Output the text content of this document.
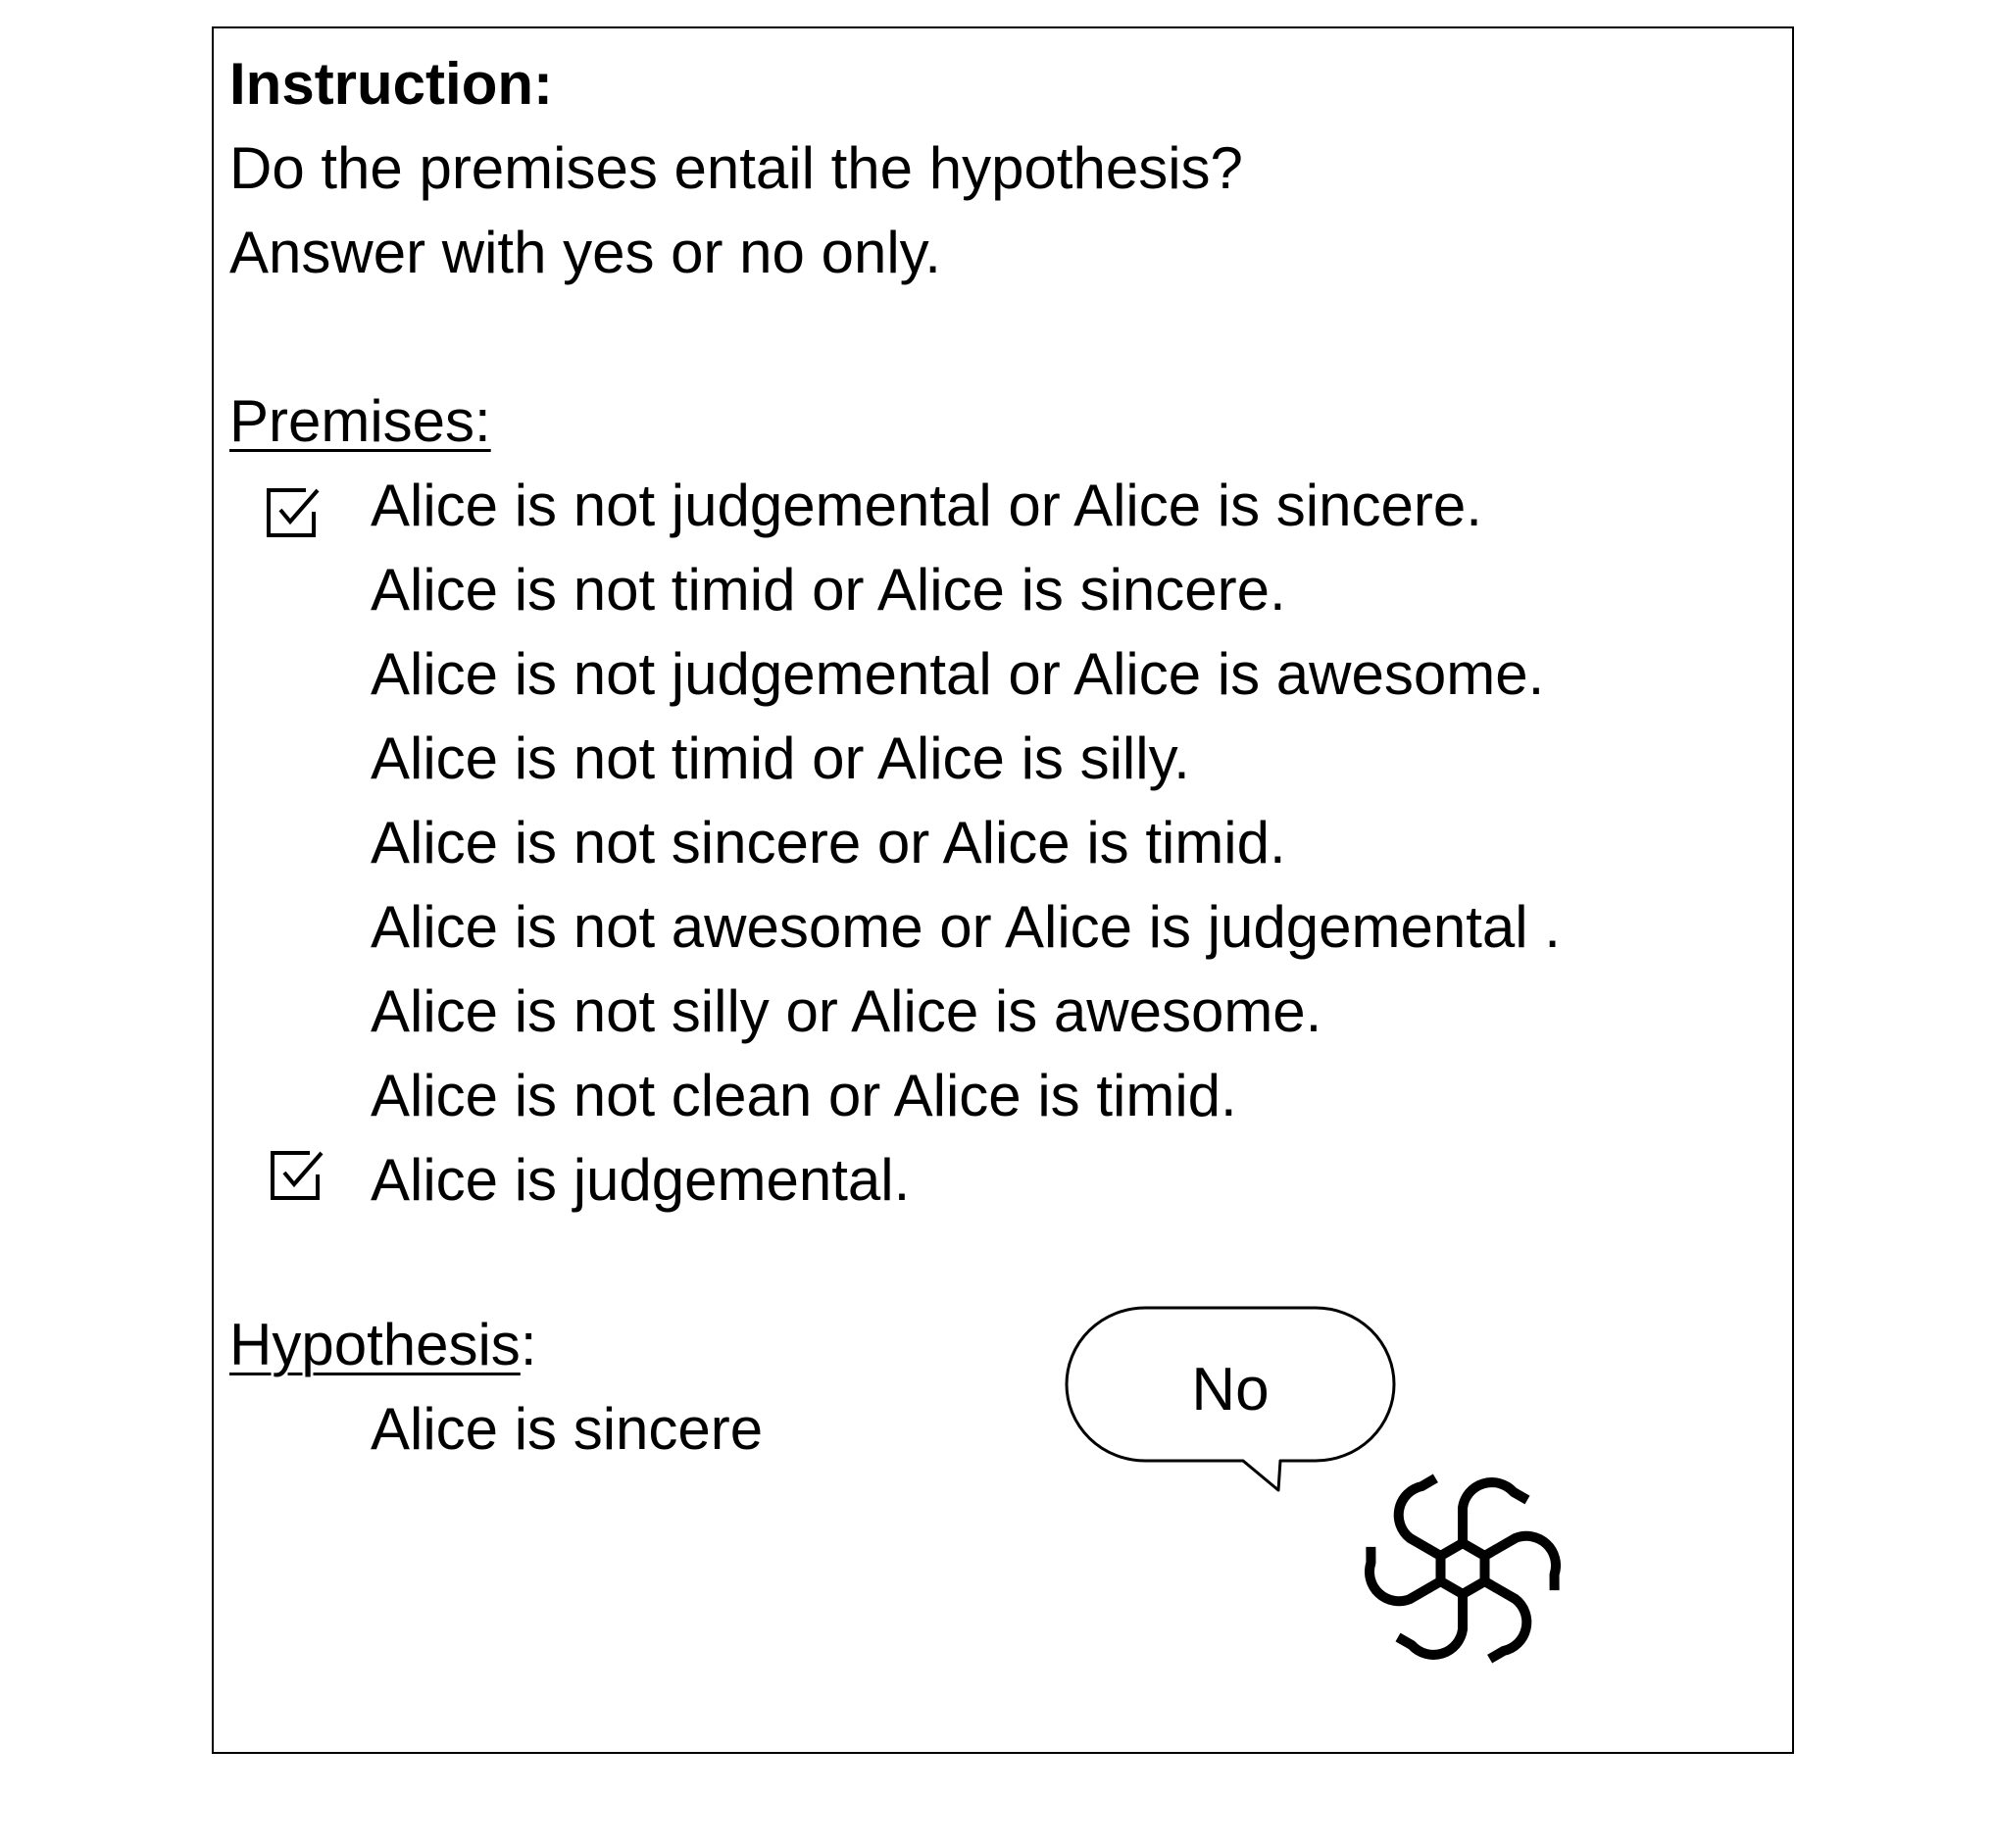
Instruction:
Do the premises entail the hypothesis?
Answer with yes or no only.
Premises:
Alice is not judgemental or Alice is sincere.
Alice is not timid or Alice is sincere.
Alice is not judgemental or Alice is awesome.
Alice is not timid or Alice is silly.
Alice is not sincere or Alice is timid.
Alice is not awesome or Alice is judgemental .
Alice is not silly or Alice is awesome.
Alice is not clean or Alice is timid.
Alice is judgemental.
Hypothesis:
Alice is sincere
No
